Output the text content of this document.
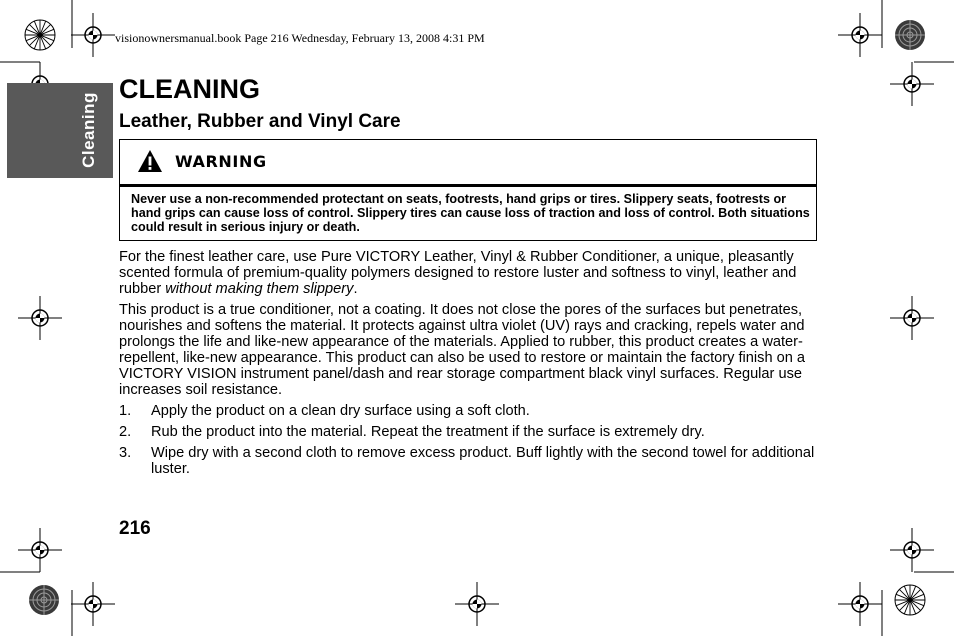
visionownersmanual.book Page 216 Wednesday, February 13, 2008 4:31 PM
Cleaning
CLEANING
Leather, Rubber and Vinyl Care
WARNING
Never use a non-recommended protectant on seats, footrests, hand grips or tires. Slippery seats, footrests or hand grips can cause loss of control. Slippery tires can cause loss of traction and loss of control. Both situations could result in serious injury or death.
For the finest leather care, use Pure VICTORY Leather, Vinyl & Rubber Conditioner, a unique, pleasantly scented formula of premium-quality polymers designed to restore luster and softness to vinyl, leather and rubber without making them slippery.
This product is a true conditioner, not a coating. It does not close the pores of the surfaces but penetrates, nourishes and softens the material. It protects against ultra violet (UV) rays and cracking, repels water and prolongs the life and like-new appearance of the materials. Applied to rubber, this product creates a water-repellent, like-new appearance. This product can also be used to restore or maintain the factory finish on a VICTORY VISION instrument panel/dash and rear storage compartment black vinyl surfaces. Regular use increases soil resistance.
1. Apply the product on a clean dry surface using a soft cloth.
2. Rub the product into the material. Repeat the treatment if the surface is extremely dry.
3. Wipe dry with a second cloth to remove excess product. Buff lightly with the second towel for additional luster.
216
